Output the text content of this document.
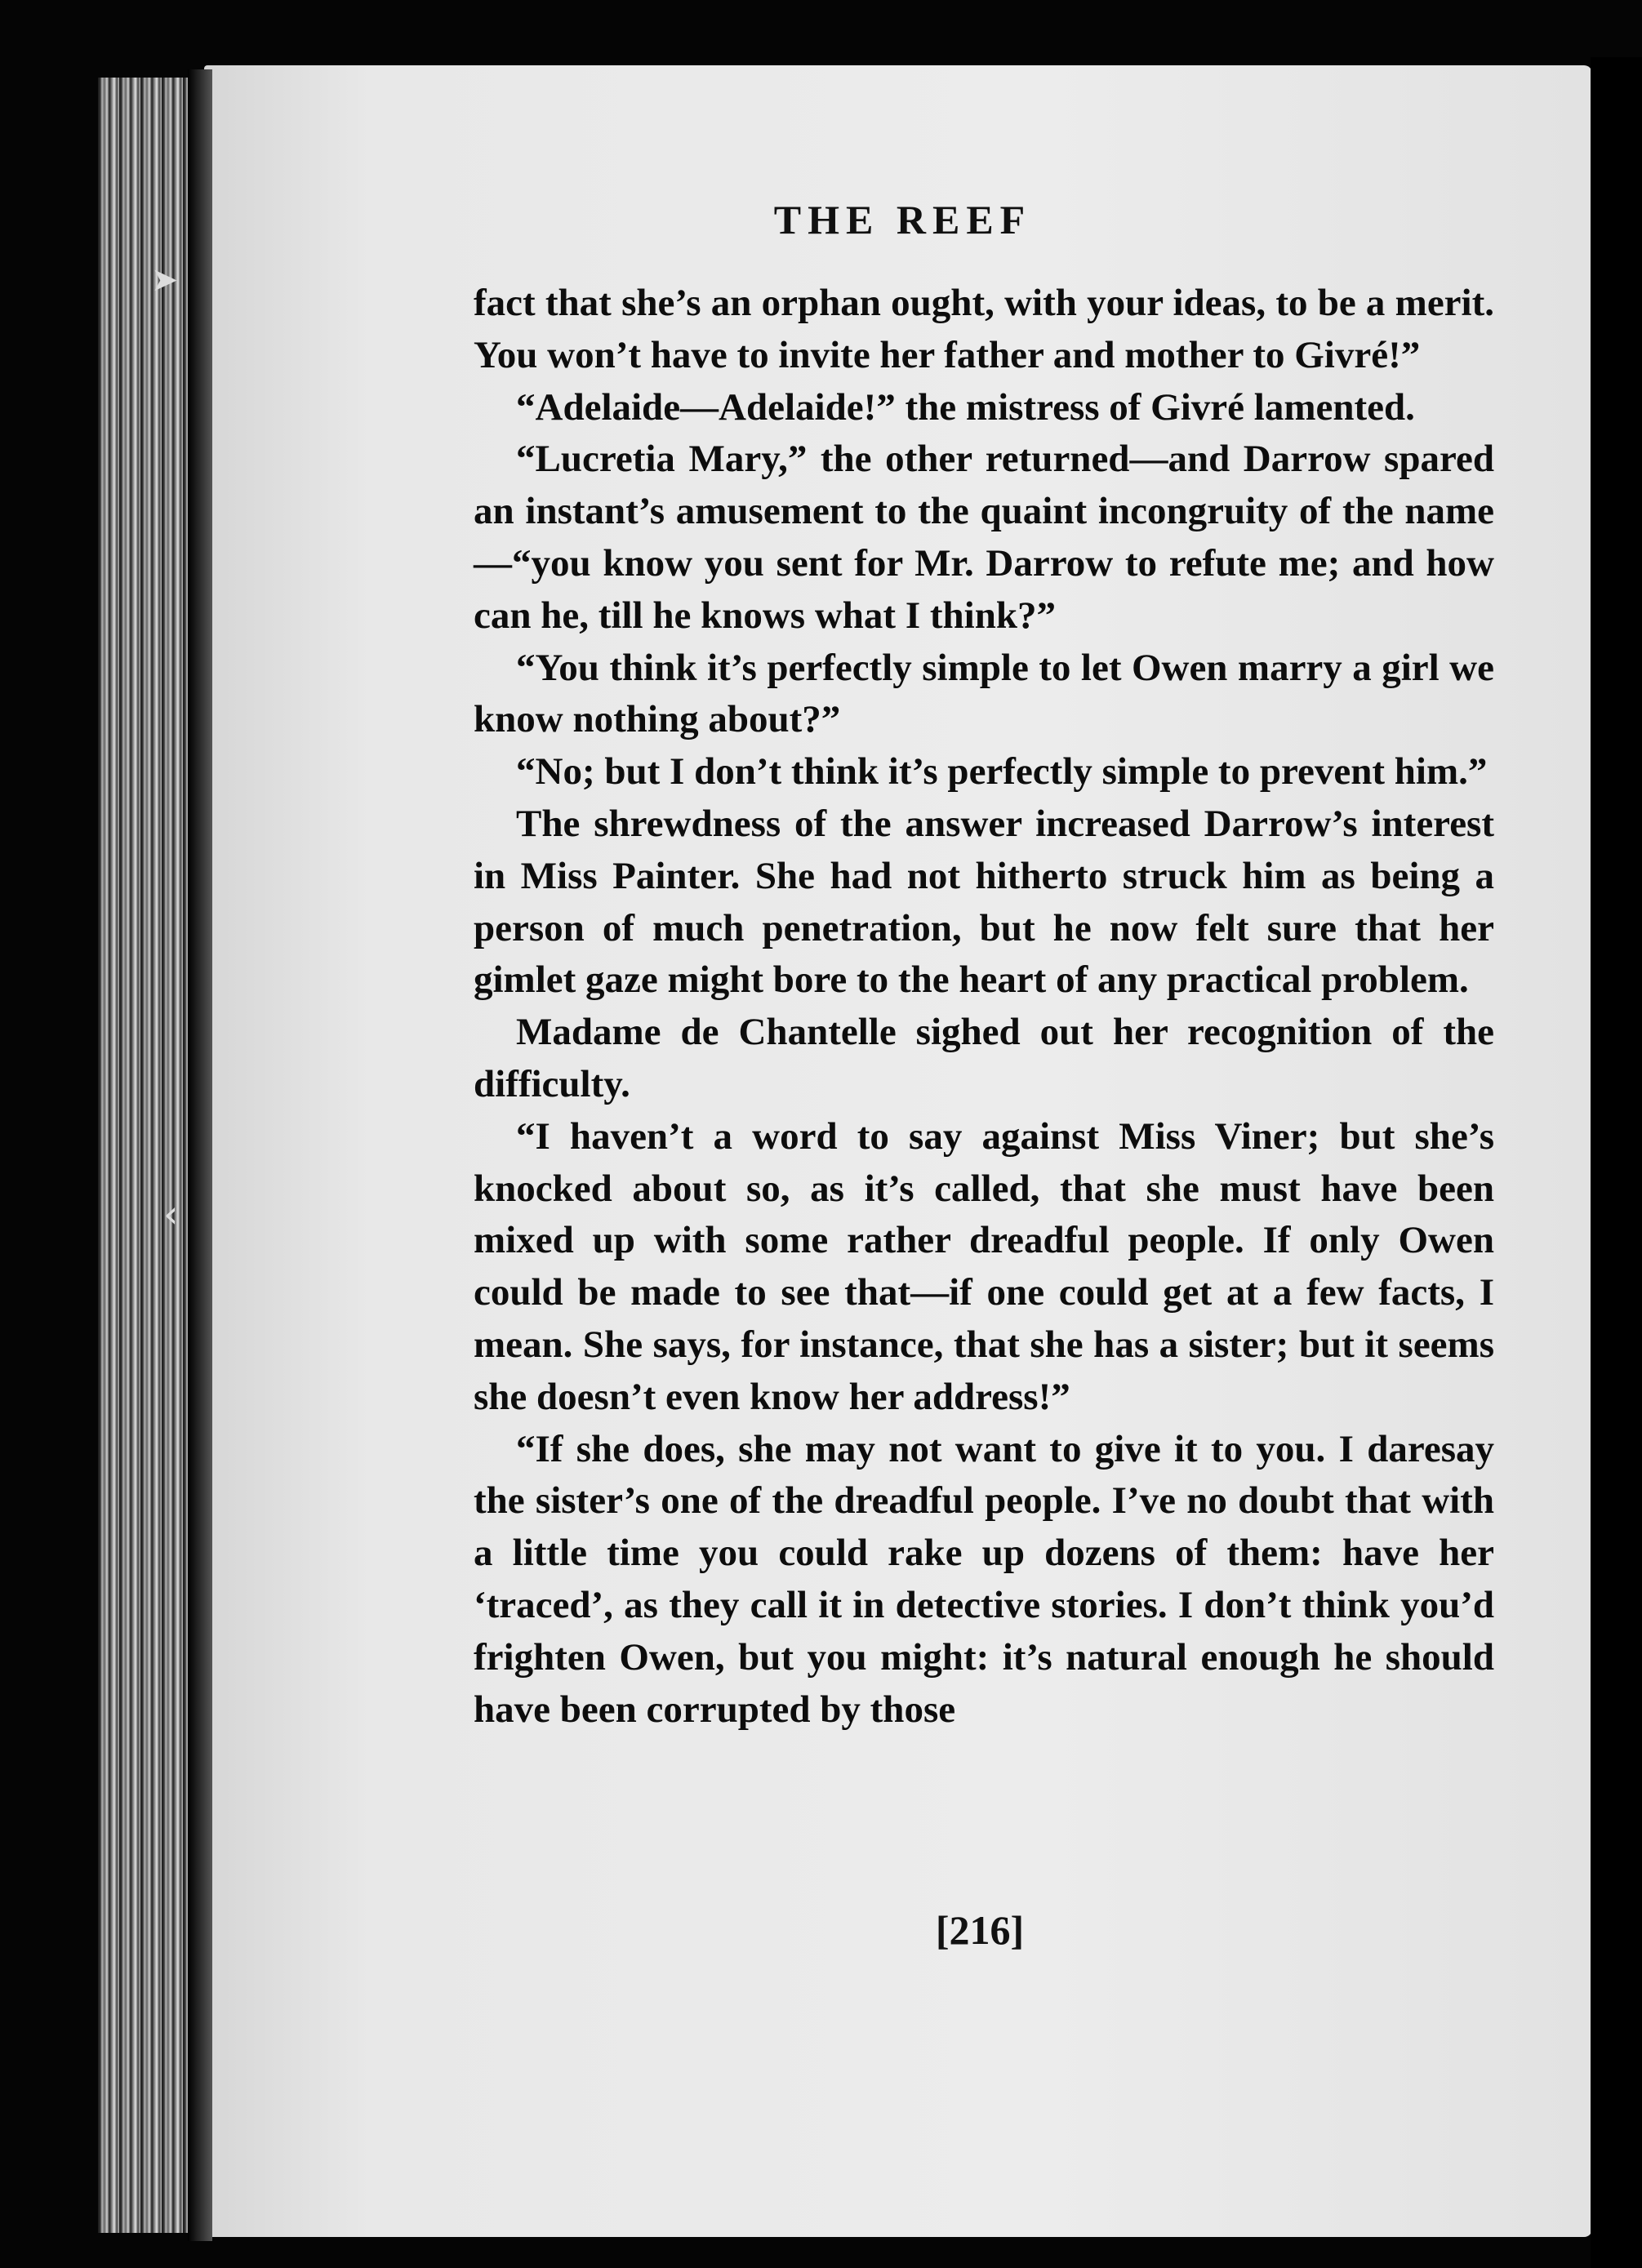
➤
‹
THE REEF

fact that she’s an orphan ought, with your ideas, to be a merit. You won’t have to invite her father and mother to Givré!”

“Adelaide—Adelaide!” the mistress of Givré lamented.

“Lucretia Mary,” the other returned—and Darrow spared an instant’s amusement to the quaint incongruity of the name—“you know you sent for Mr. Darrow to refute me; and how can he, till he knows what I think?”

“You think it’s perfectly simple to let Owen marry a girl we know nothing about?”

“No; but I don’t think it’s perfectly simple to prevent him.”

The shrewdness of the answer increased Darrow’s interest in Miss Painter. She had not hitherto struck him as being a person of much penetration, but he now felt sure that her gimlet gaze might bore to the heart of any practical problem.

Madame de Chantelle sighed out her recognition of the difficulty.

“I haven’t a word to say against Miss Viner; but she’s knocked about so, as it’s called, that she must have been mixed up with some rather dreadful people. If only Owen could be made to see that—if one could get at a few facts, I mean. She says, for instance, that she has a sister; but it seems she doesn’t even know her address!”

“If she does, she may not want to give it to you. I daresay the sister’s one of the dreadful people. I’ve no doubt that with a little time you could rake up dozens of them: have her ‘traced’, as they call it in detective stories. I don’t think you’d frighten Owen, but you might: it’s natural enough he should have been corrupted by those

[216]
